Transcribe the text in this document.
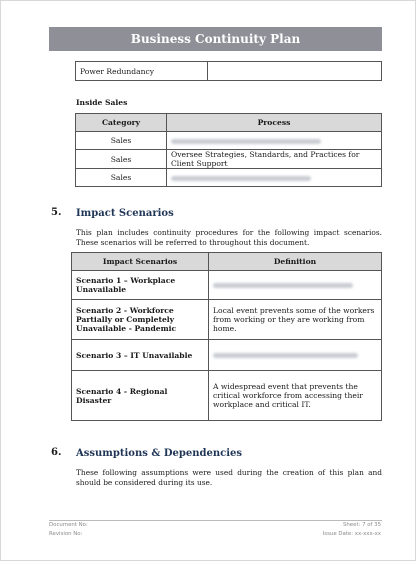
Business Continuity Plan
Power Redundancy	
Inside Sales
Category	Process
Sales	
Sales	Oversee Strategies, Standards, and Practices for Client Support
Sales	
5. Impact Scenarios
This plan includes continuity procedures for the following impact scenarios. These scenarios will be referred to throughout this document.
Impact Scenarios	Definition
Scenario 1 – Workplace Unavailable	
Scenario 2 - Workforce Partially or Completely Unavailable - Pandemic	Local event prevents some of the workers from working or they are working from home.
Scenario 3 – IT Unavailable	
Scenario 4 - Regional Disaster	A widespread event that prevents the critical workforce from accessing their workplace and critical IT.
6. Assumptions & Dependencies
These following assumptions were used during the creation of this plan and should be considered during its use.
Document No:
Revision No:
Sheet: 7 of 35
Issue Date: xx-xxx-xx
